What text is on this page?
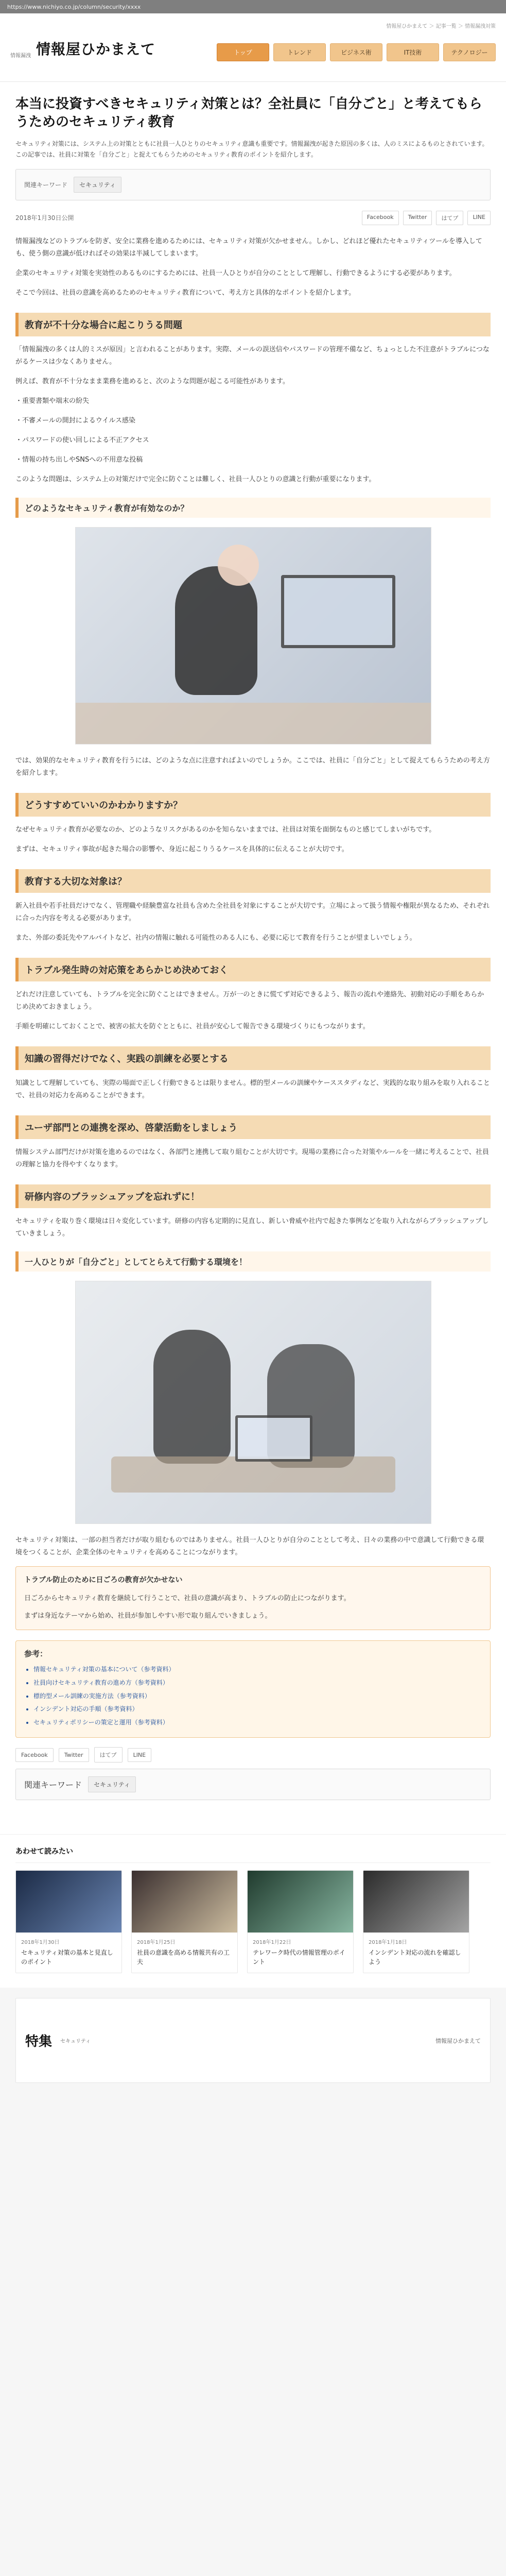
https://www.nichiyo.co.jp/column/security/xxxx
情報屋ひかまえて ＞ 記事一覧 ＞ 情報漏洩対策
情報漏洩 情報屋ひかまえて	トップ	トレンド	ビジネス術	IT技術	テクノロジー
本当に投資すべきセキュリティ対策とは？全社員に「自分ごと」と考えてもらうためのセキュリティ教育
セキュリティ対策には、システム上の対策とともに社員一人ひとりのセキュリティ意識も重要です。情報漏洩が起きた原因の多くは、人のミスによるものとされています。この記事では、社員に対策を「自分ごと」と捉えてもらうためのセキュリティ教育のポイントを紹介します。
関連キーワード	セキュリティ
2018年1月30日公開	Facebook	Twitter	はてブ	LINE

情報漏洩などのトラブルを防ぎ、安全に業務を進めるためには、セキュリティ対策が欠かせません。しかし、どれほど優れたセキュリティツールを導入しても、使う側の意識が低ければその効果は半減してしまいます。

企業のセキュリティ対策を実効性のあるものにするためには、社員一人ひとりが自分のこととして理解し、行動できるようにする必要があります。

そこで今回は、社員の意識を高めるためのセキュリティ教育について、考え方と具体的なポイントを紹介します。

教育が不十分な場合に起こりうる問題

「情報漏洩の多くは人的ミスが原因」と言われることがあります。実際、メールの誤送信やパスワードの管理不備など、ちょっとした不注意がトラブルにつながるケースは少なくありません。

例えば、教育が不十分なまま業務を進めると、次のような問題が起こる可能性があります。

・重要書類や端末の紛失

・不審メールの開封によるウイルス感染

・パスワードの使い回しによる不正アクセス

・情報の持ち出しやSNSへの不用意な投稿

このような問題は、システム上の対策だけで完全に防ぐことは難しく、社員一人ひとりの意識と行動が重要になります。

どのようなセキュリティ教育が有効なのか？

では、効果的なセキュリティ教育を行うには、どのような点に注意すればよいのでしょうか。ここでは、社員に「自分ごと」として捉えてもらうための考え方を紹介します。

どうすすめていいのかわかりますか？

なぜセキュリティ教育が必要なのか、どのようなリスクがあるのかを知らないままでは、社員は対策を面倒なものと感じてしまいがちです。

まずは、セキュリティ事故が起きた場合の影響や、身近に起こりうるケースを具体的に伝えることが大切です。

教育する大切な対象は？

新入社員や若手社員だけでなく、管理職や経験豊富な社員も含めた全社員を対象にすることが大切です。立場によって扱う情報や権限が異なるため、それぞれに合った内容を考える必要があります。

また、外部の委託先やアルバイトなど、社内の情報に触れる可能性のある人にも、必要に応じて教育を行うことが望ましいでしょう。

トラブル発生時の対応策をあらかじめ決めておく

どれだけ注意していても、トラブルを完全に防ぐことはできません。万が一のときに慌てず対応できるよう、報告の流れや連絡先、初動対応の手順をあらかじめ決めておきましょう。

手順を明確にしておくことで、被害の拡大を防ぐとともに、社員が安心して報告できる環境づくりにもつながります。

知識の習得だけでなく、実践の訓練を必要とする

知識として理解していても、実際の場面で正しく行動できるとは限りません。標的型メールの訓練やケーススタディなど、実践的な取り組みを取り入れることで、社員の対応力を高めることができます。

ユーザ部門との連携を深め、啓蒙活動をしましょう

情報システム部門だけが対策を進めるのではなく、各部門と連携して取り組むことが大切です。現場の業務に合った対策やルールを一緒に考えることで、社員の理解と協力を得やすくなります。

研修内容のブラッシュアップを忘れずに！

セキュリティを取り巻く環境は日々変化しています。研修の内容も定期的に見直し、新しい脅威や社内で起きた事例などを取り入れながらブラッシュアップしていきましょう。

一人ひとりが「自分ごと」としてとらえて行動する環境を！

セキュリティ対策は、一部の担当者だけが取り組むものではありません。社員一人ひとりが自分のこととして考え、日々の業務の中で意識して行動できる環境をつくることが、企業全体のセキュリティを高めることにつながります。

トラブル防止のために日ごろの教育が欠かせない

日ごろからセキュリティ教育を継続して行うことで、社員の意識が高まり、トラブルの防止につながります。

まずは身近なテーマから始め、社員が参加しやすい形で取り組んでいきましょう。

参考：
• 情報セキュリティ対策の基本について（参考資料）
• 社員向けセキュリティ教育の進め方（参考資料）
• 標的型メール訓練の実施方法（参考資料）
• インシデント対応の手順（参考資料）
• セキュリティポリシーの策定と運用（参考資料）
Facebook	Twitter	はてブ	LINE
関連キーワード	セキュリティ
あわせて読みたい
2018年1月30日
セキュリティ対策の基本と見直しのポイント
2018年1月25日
社員の意識を高める情報共有の工夫
2018年1月22日
テレワーク時代の情報管理のポイント
2018年1月18日
インシデント対応の流れを確認しよう
特集 セキュリティ	情報屋ひかまえて
